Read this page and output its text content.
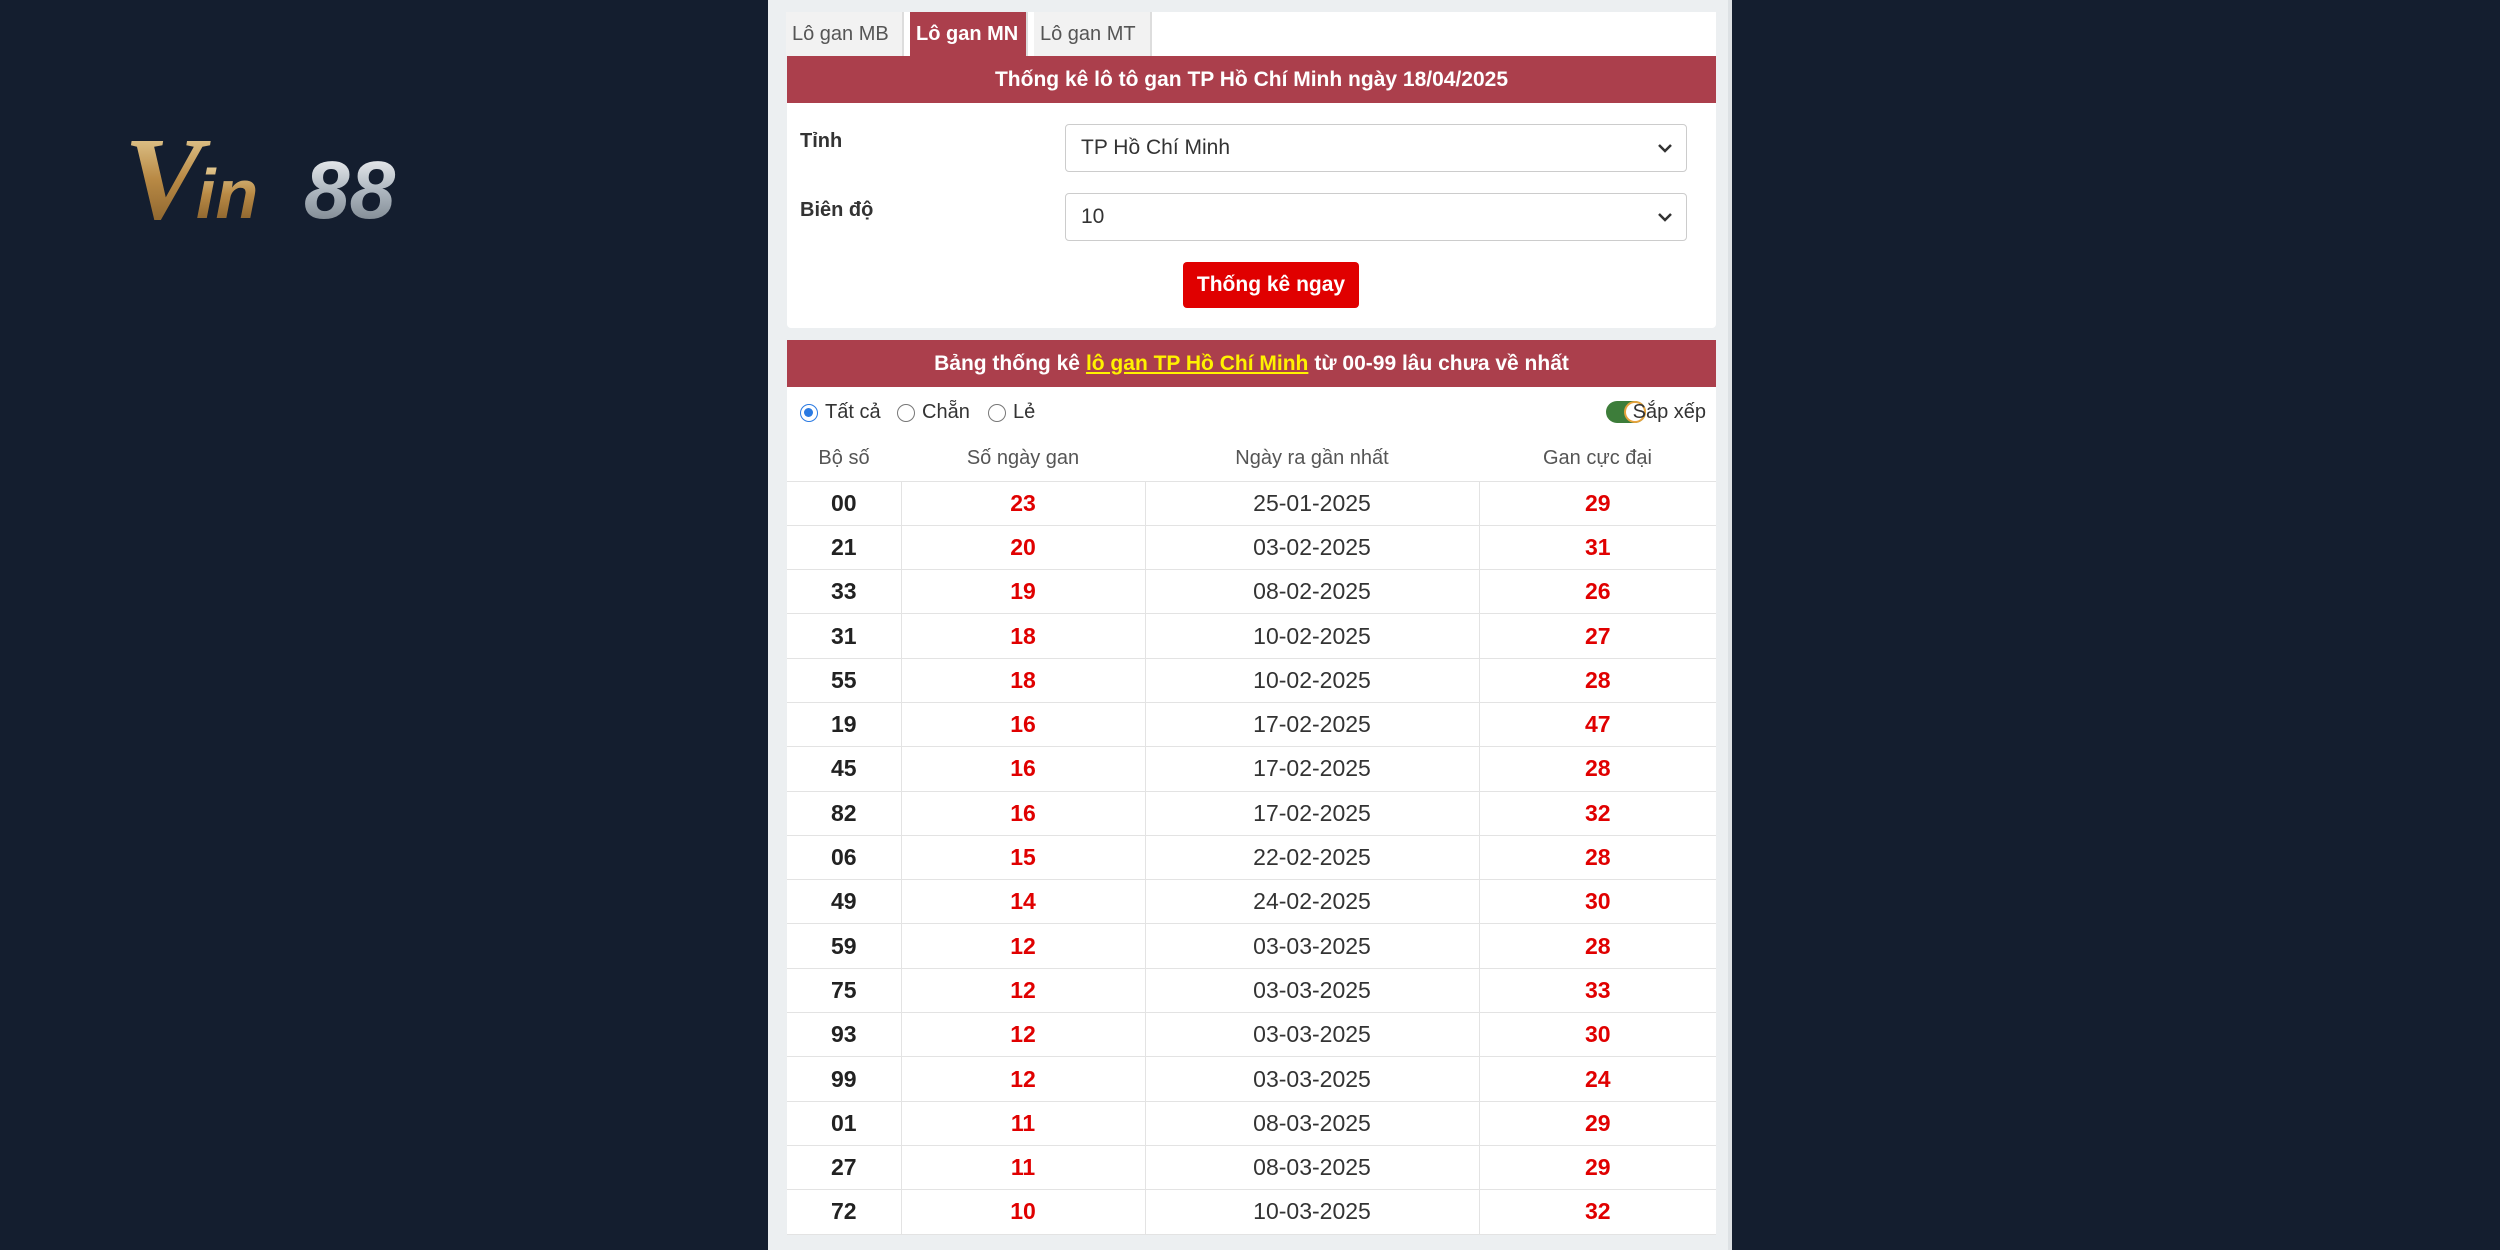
V
in 88
Lô gan MB	Lô gan MN	Lô gan MT
Thống kê lô tô gan TP Hồ Chí Minh ngày 18/04/2025
Tỉnh	TP Hồ Chí Minh
Biên độ	10
Thống kê ngay
Bảng thống kê lô gan TP Hồ Chí Minh từ 00-99 lâu chưa về nhất
Tất cả Chẵn Lẻ	Sắp xếp
Bộ số	Số ngày gan	Ngày ra gần nhất	Gan cực đại
00	23	25-01-2025	29
21	20	03-02-2025	31
33	19	08-02-2025	26
31	18	10-02-2025	27
55	18	10-02-2025	28
19	16	17-02-2025	47
45	16	17-02-2025	28
82	16	17-02-2025	32
06	15	22-02-2025	28
49	14	24-02-2025	30
59	12	03-03-2025	28
75	12	03-03-2025	33
93	12	03-03-2025	30
99	12	03-03-2025	24
01	11	08-03-2025	29
27	11	08-03-2025	29
72	10	10-03-2025	32
